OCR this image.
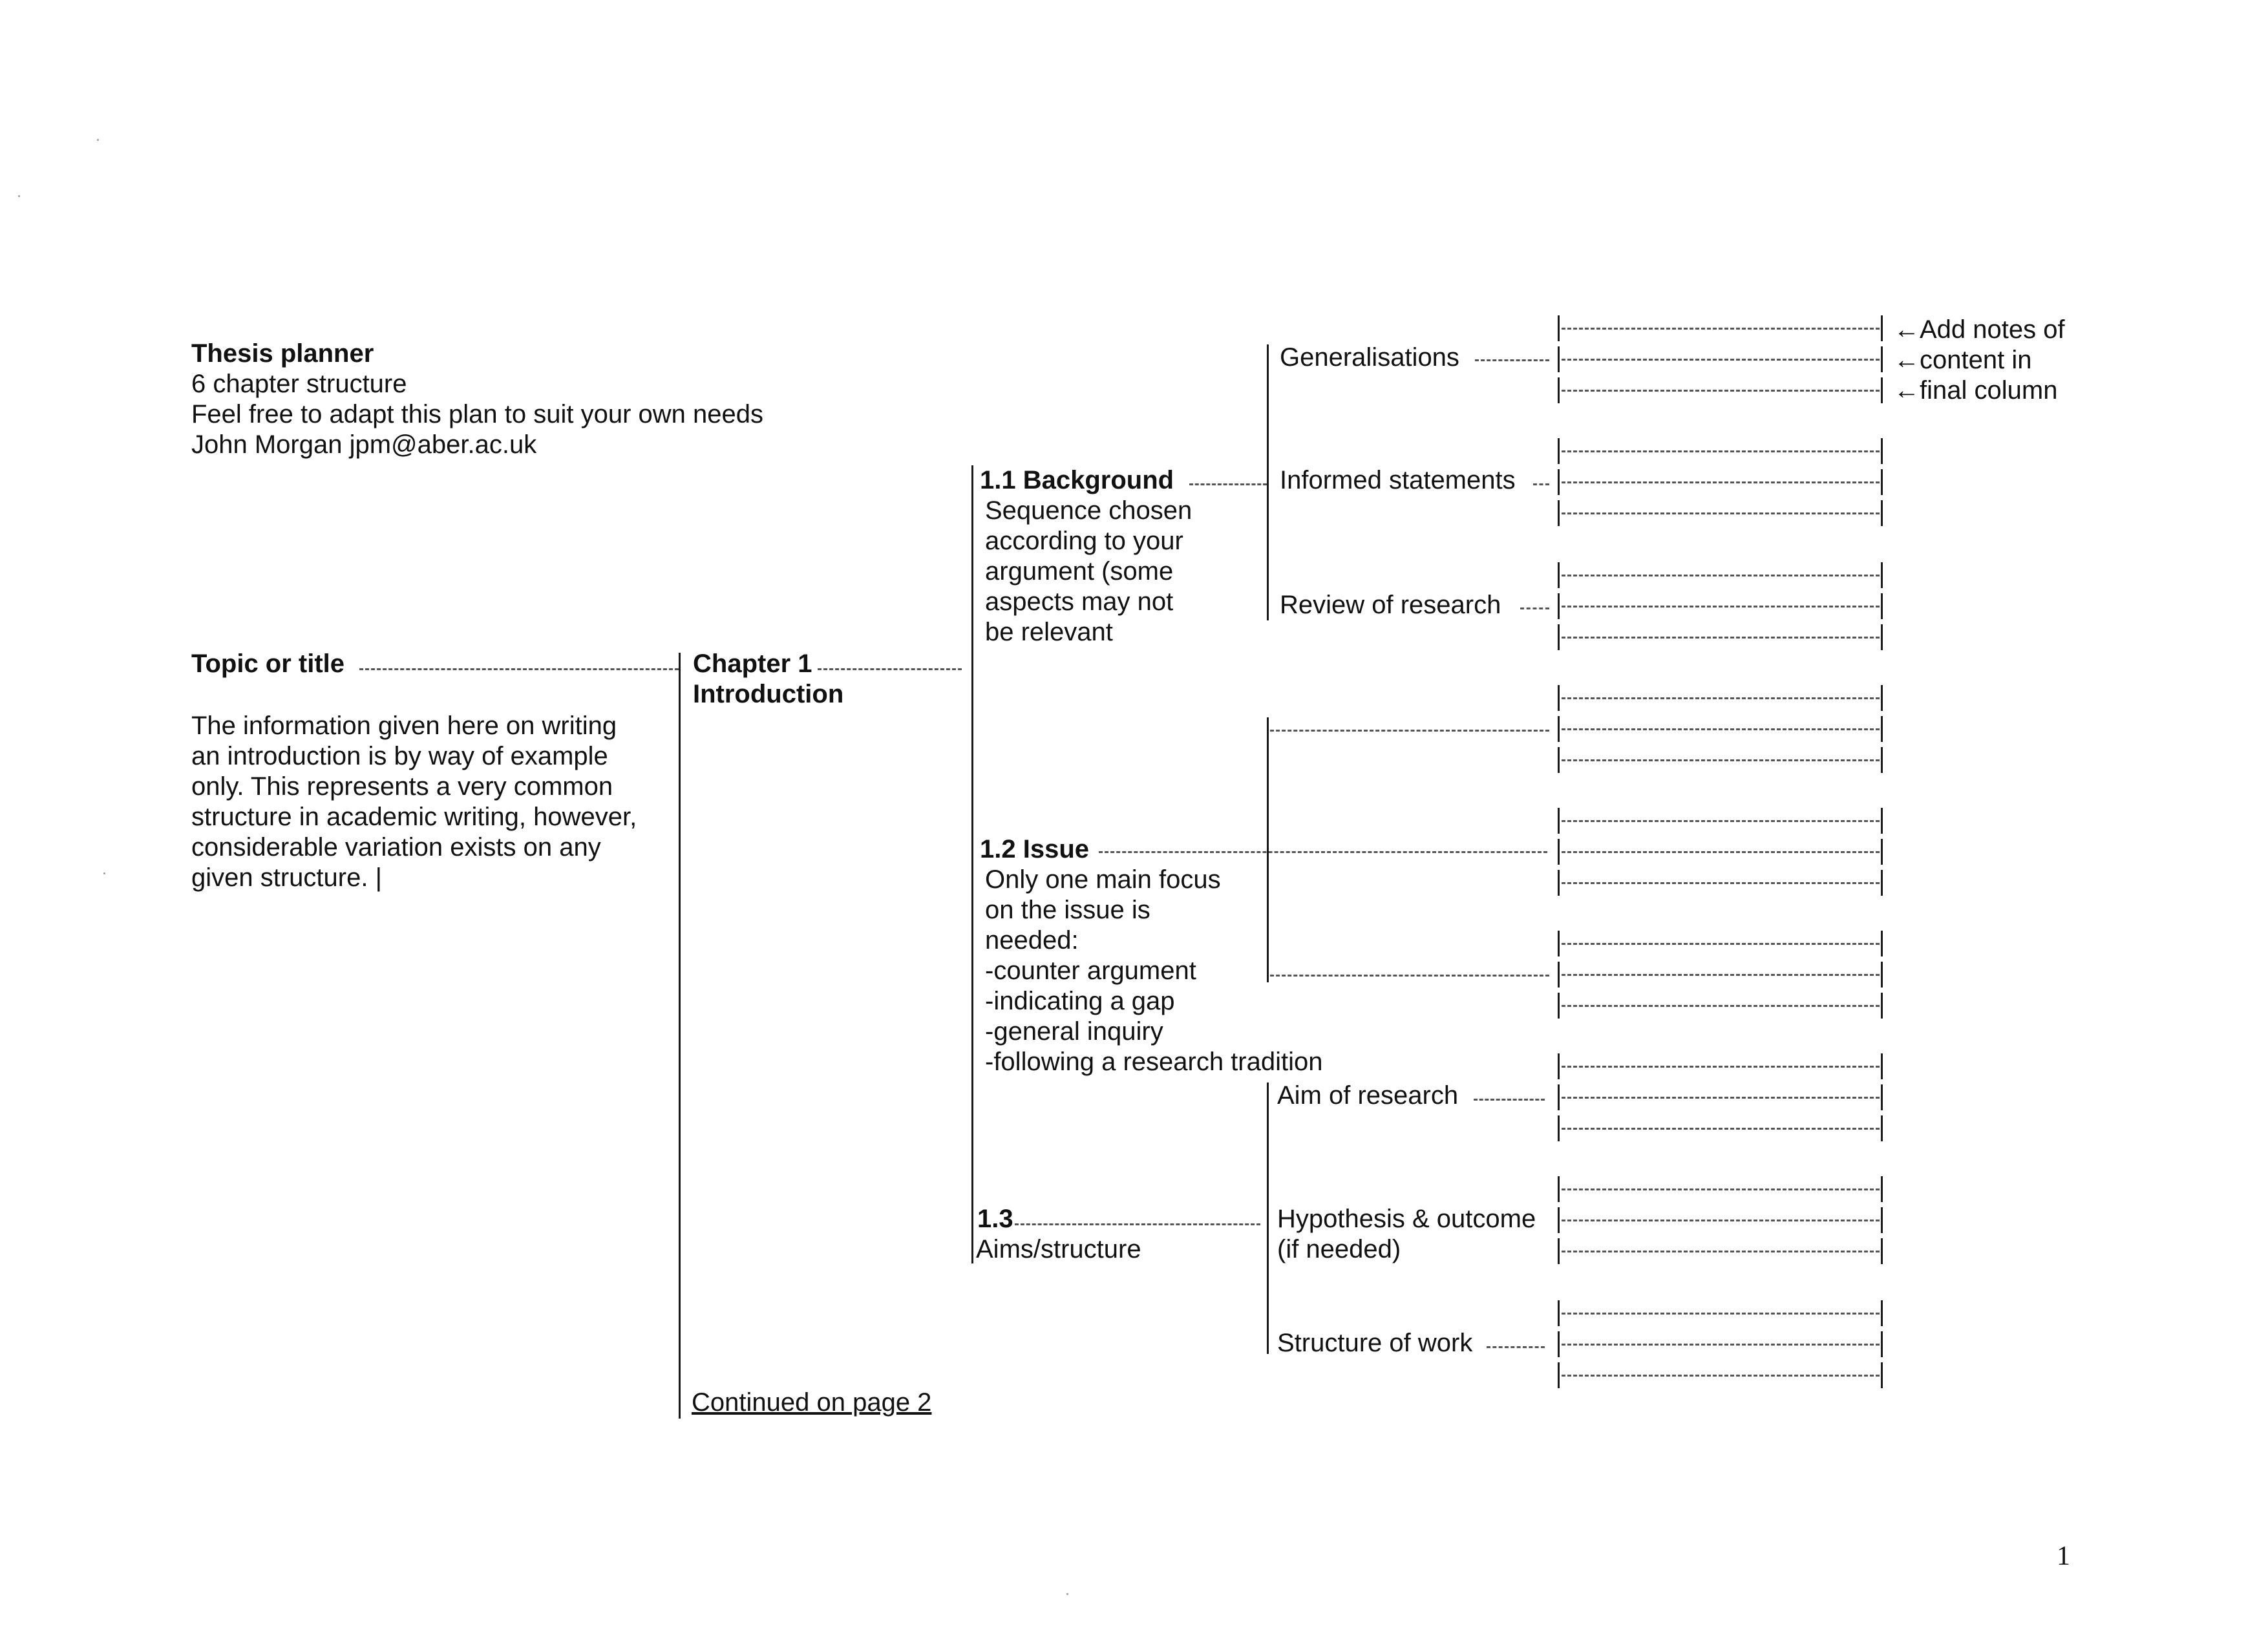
Thesis planner
6 chapter structure
Feel free to adapt this plan to suit your own needs
John Morgan jpm@aber.ac.uk
Topic or title
The information given here on writing
an introduction is by way of example
only. This represents a very common
structure in academic writing, however,
considerable variation exists on any
given structure. |
Chapter 1
Introduction
Continued on page 2
1.1 Background
Sequence chosen
according to your
argument (some
aspects may not
be relevant
1.2 Issue
Only one main focus
on the issue is
needed:
-counter argument
-indicating a gap
-general inquiry
-following a research tradition
1.3
Aims/structure
Generalisations
Informed statements
Review of research
Aim of research
Hypothesis & outcome
(if needed)
Structure of work
←Add notes of
←content in
←final column
1
